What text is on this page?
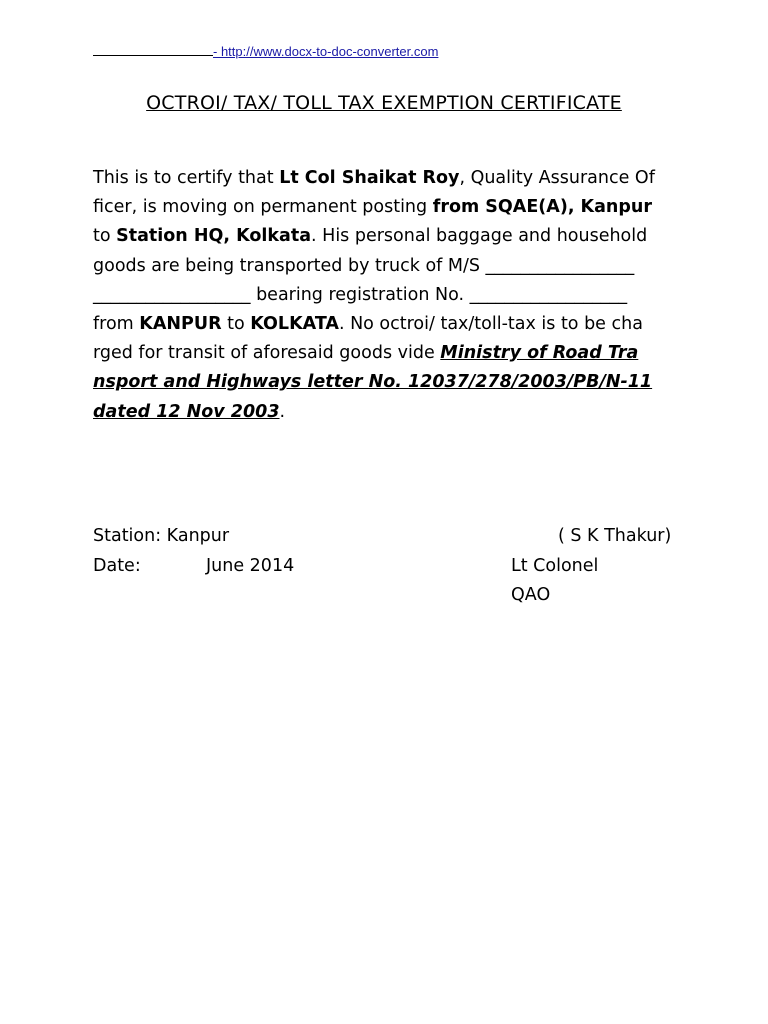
- http://www.docx-to-doc-converter.com
OCTROI/ TAX/ TOLL TAX EXEMPTION CERTIFICATE
This is to certify that Lt Col Shaikat Roy, Quality Assurance Of
ficer, is moving on permanent posting from SQAE(A), Kanpur
to Station HQ, Kolkata. His personal baggage and household
goods are being transported by truck of M/S _________________
__________________ bearing registration No. __________________
from KANPUR to KOLKATA. No octroi/ tax/toll-tax is to be cha
rged for transit of aforesaid goods vide Ministry of Road Tra
nsport and Highways letter No. 12037/278/2003/PB/N-11
dated 12 Nov 2003.
Station: Kanpur	( S K Thakur)
Date:	June 2014	Lt Colonel
QAO
